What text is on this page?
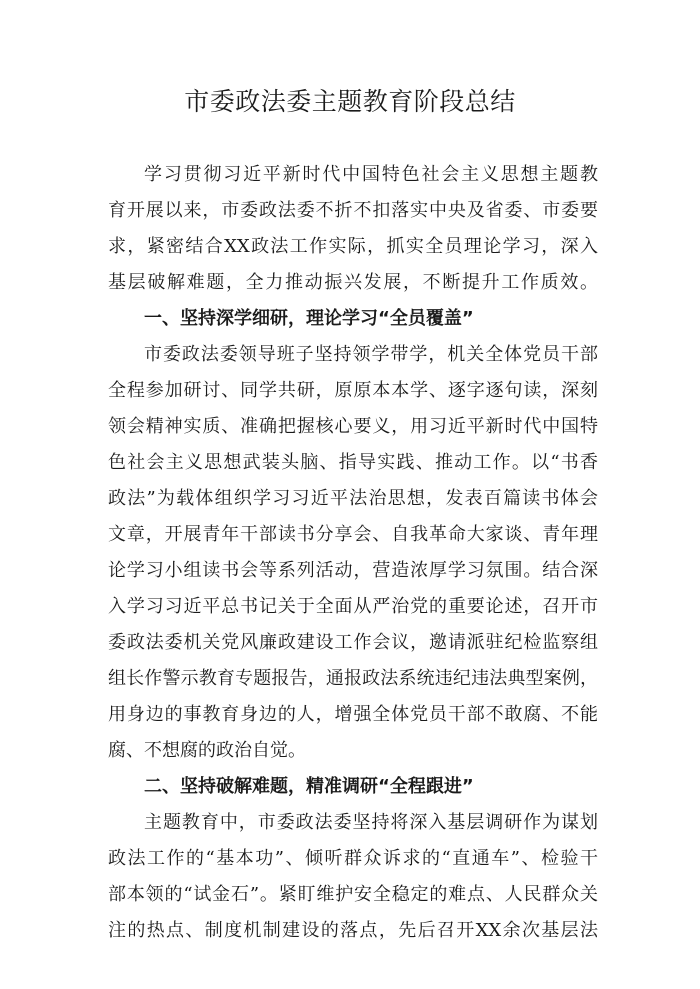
市委政法委主题教育阶段总结
学习贯彻习近平新时代中国特色社会主义思想主题教
育开展以来，市委政法委不折不扣落实中央及省委、市委要
求，紧密结合XX政法工作实际，抓实全员理论学习，深入
基层破解难题，全力推动振兴发展，不断提升工作质效。
一、坚持深学细研，理论学习“全员覆盖”
市委政法委领导班子坚持领学带学，机关全体党员干部
全程参加研讨、同学共研，原原本本学、逐字逐句读，深刻
领会精神实质、准确把握核心要义，用习近平新时代中国特
色社会主义思想武装头脑、指导实践、推动工作。以“书香
政法”为载体组织学习习近平法治思想，发表百篇读书体会
文章，开展青年干部读书分享会、自我革命大家谈、青年理
论学习小组读书会等系列活动，营造浓厚学习氛围。结合深
入学习习近平总书记关于全面从严治党的重要论述，召开市
委政法委机关党风廉政建设工作会议，邀请派驻纪检监察组
组长作警示教育专题报告，通报政法系统违纪违法典型案例，
用身边的事教育身边的人，增强全体党员干部不敢腐、不能
腐、不想腐的政治自觉。
二、坚持破解难题，精准调研“全程跟进”
主题教育中，市委政法委坚持将深入基层调研作为谋划
政法工作的“基本功”、倾听群众诉求的“直通车”、检验干
部本领的“试金石”。紧盯维护安全稳定的难点、人民群众关
注的热点、制度机制建设的落点，先后召开XX余次基层法
